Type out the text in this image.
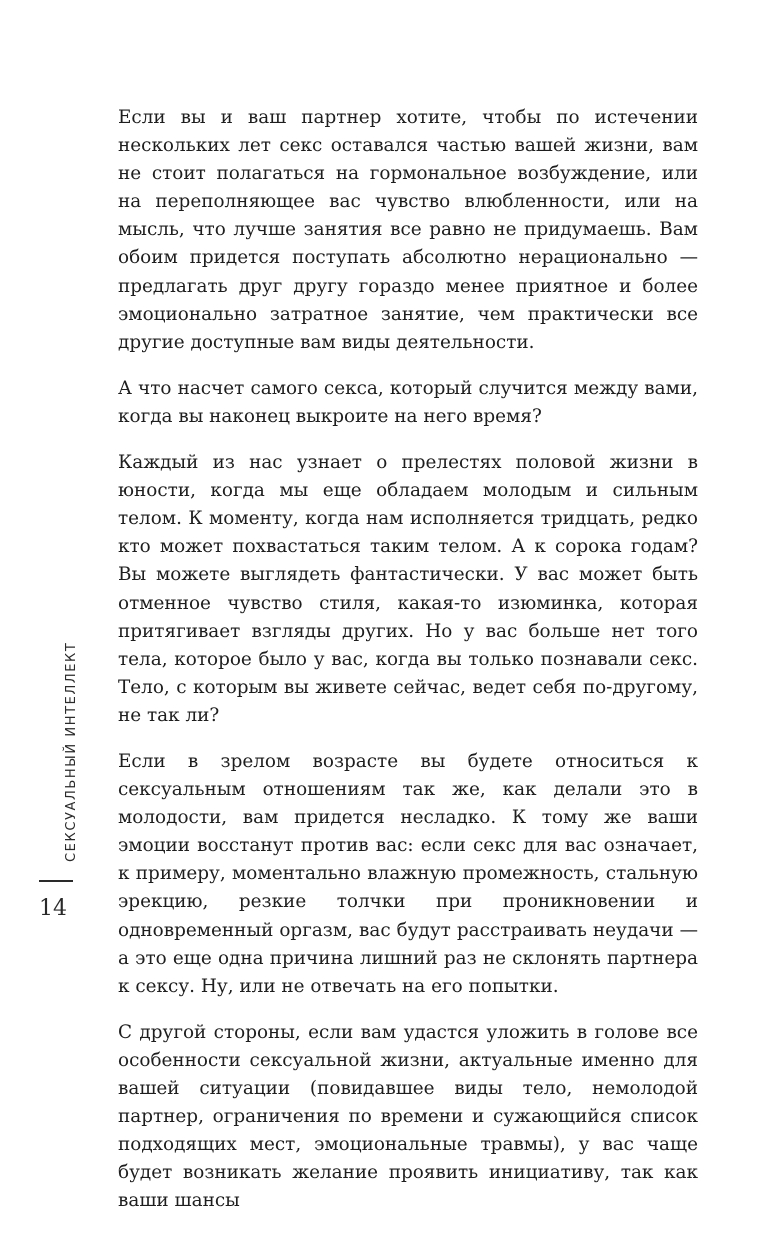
Если вы и ваш партнер хотите, чтобы по истечении нескольких лет секс оставался частью вашей жизни, вам не стоит полагаться на гормональное возбуждение, или на переполняющее вас чувство влюбленности, или на мысль, что лучше занятия все равно не придумаешь. Вам обоим придется поступать абсолютно нерационально — предлагать друг другу гораздо менее приятное и более эмоционально затратное занятие, чем практически все другие доступные вам виды деятельности.

А что насчет самого секса, который случится между вами, когда вы наконец выкроите на него время?

Каждый из нас узнает о прелестях половой жизни в юности, когда мы еще обладаем молодым и сильным телом. К моменту, когда нам исполняется тридцать, редко кто может похвастаться таким телом. А к сорока годам? Вы можете выглядеть фантастически. У вас может быть отменное чувство стиля, какая-то изюминка, которая притягивает взгляды других. Но у вас больше нет того тела, которое было у вас, когда вы только познавали секс. Тело, с которым вы живете сейчас, ведет себя по-другому, не так ли?

Если в зрелом возрасте вы будете относиться к сексуальным отношениям так же, как делали это в молодости, вам придется несладко. К тому же ваши эмоции восстанут против вас: если секс для вас означает, к примеру, моментально влажную промежность, стальную эрекцию, резкие толчки при проникновении и одновременный оргазм, вас будут расстраивать неудачи — а это еще одна причина лишний раз не склонять партнера к сексу. Ну, или не отвечать на его попытки.

С другой стороны, если вам удастся уложить в голове все особенности сексуальной жизни, актуальные именно для вашей ситуации (повидавшее виды тело, немолодой партнер, ограничения по времени и сужающийся список подходящих мест, эмоциональные травмы), у вас чаще будет возникать желание проявить инициативу, так как ваши шансы

СЕКСУАЛЬНЫЙ ИНТЕЛЛЕКТ
14
